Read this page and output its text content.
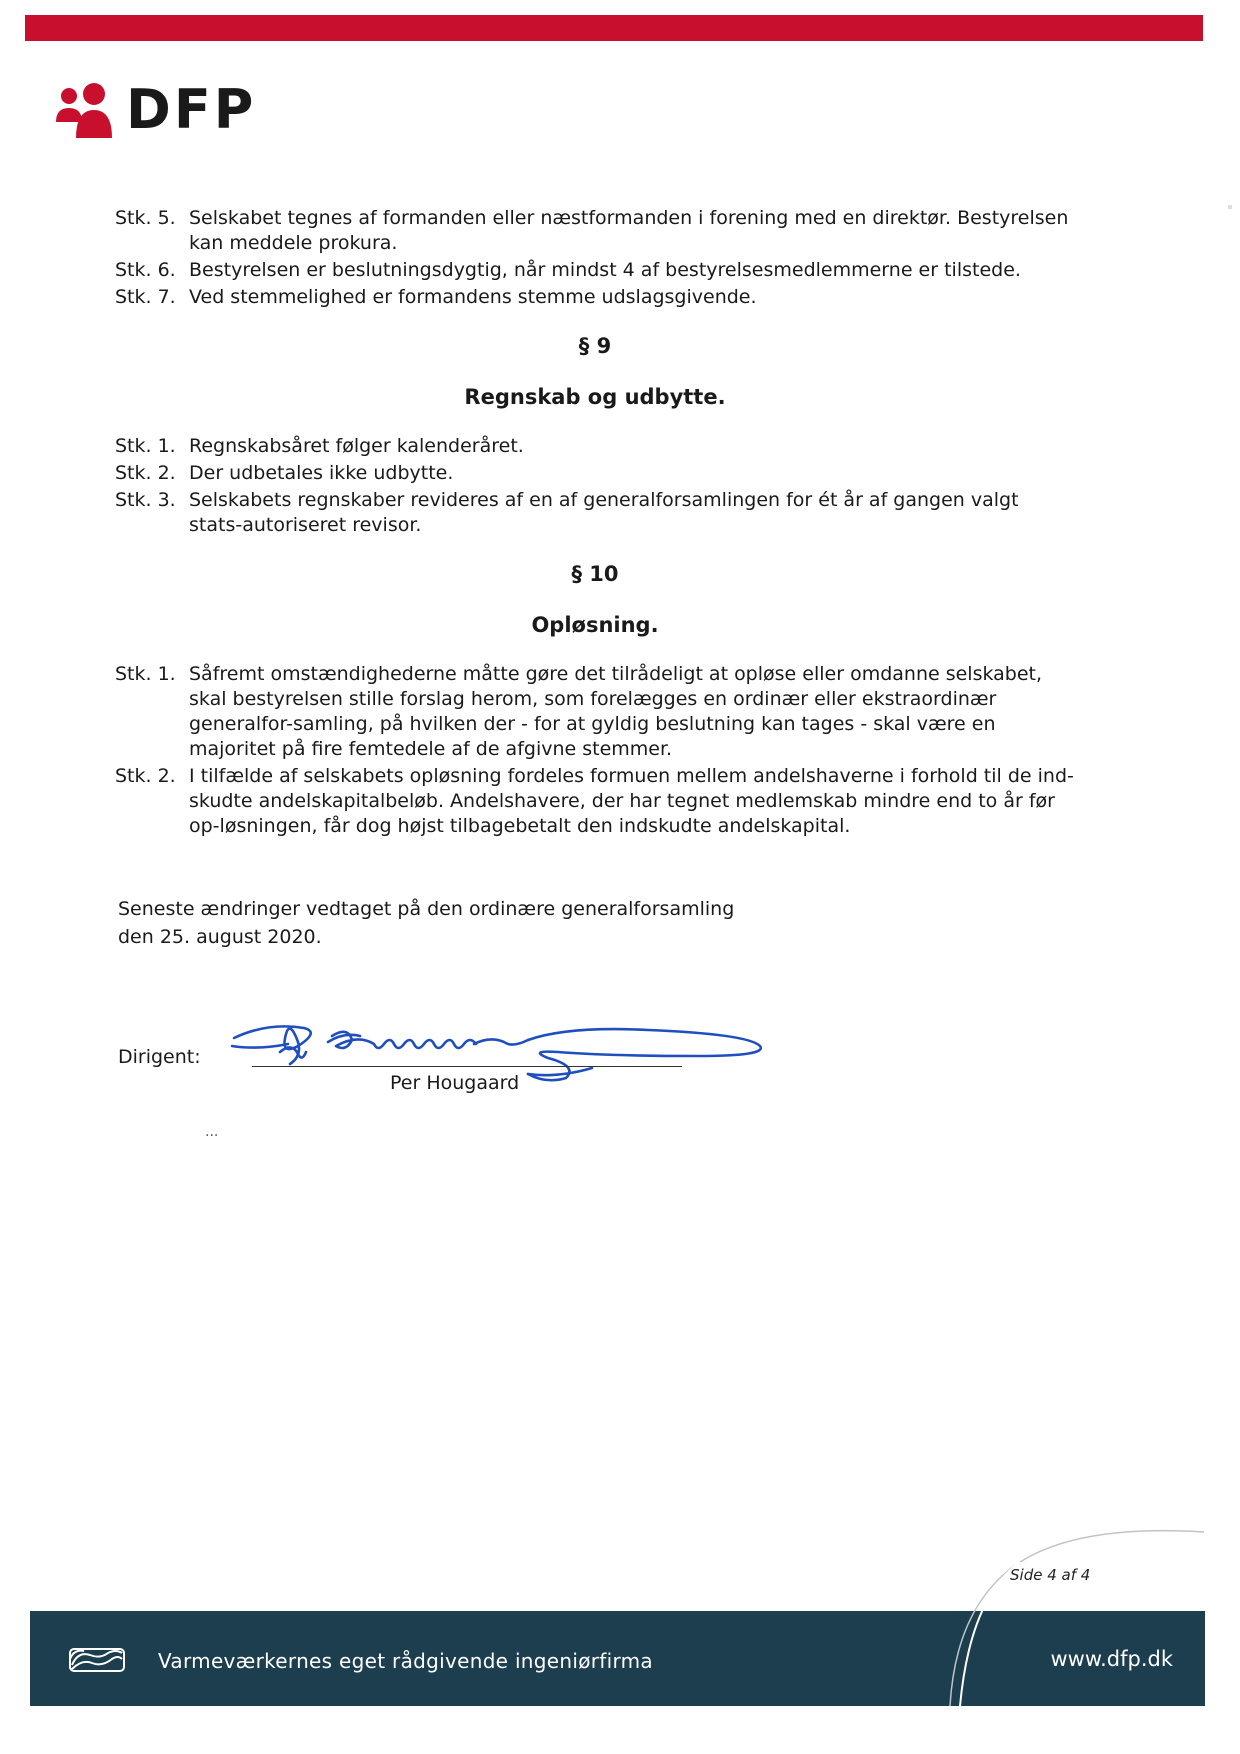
DFP
Stk. 5. Selskabet tegnes af formanden eller næstformanden i forening med en direktør. Bestyrelsen kan meddele prokura.
Stk. 6. Bestyrelsen er beslutningsdygtig, når mindst 4 af bestyrelsesmedlemmerne er tilstede.
Stk. 7. Ved stemmelighed er formandens stemme udslagsgivende.

§ 9

Regnskab og udbytte.

Stk. 1. Regnskabsåret følger kalenderåret.
Stk. 2. Der udbetales ikke udbytte.
Stk. 3. Selskabets regnskaber revideres af en af generalforsamlingen for ét år af gangen valgt stats-autoriseret revisor.

§ 10

Opløsning.

Stk. 1. Såfremt omstændighederne måtte gøre det tilrådeligt at opløse eller omdanne selskabet, skal bestyrelsen stille forslag herom, som forelægges en ordinær eller ekstraordinær generalfor-samling, på hvilken der - for at gyldig beslutning kan tages - skal være en majoritet på fire femtedele af de afgivne stemmer.
Stk. 2. I tilfælde af selskabets opløsning fordeles formuen mellem andelshaverne i forhold til de ind-skudte andelskapitalbeløb. Andelshavere, der har tegnet medlemskab mindre end to år før op-løsningen, får dog højst tilbagebetalt den indskudte andelskapital.
Seneste ændringer vedtaget på den ordinære generalforsamling
den 25. august 2020.
Dirigent:
Per Hougaard
...
Side 4 af 4
Varmeværkernes eget rådgivende ingeniørfirma	www.dfp.dk
